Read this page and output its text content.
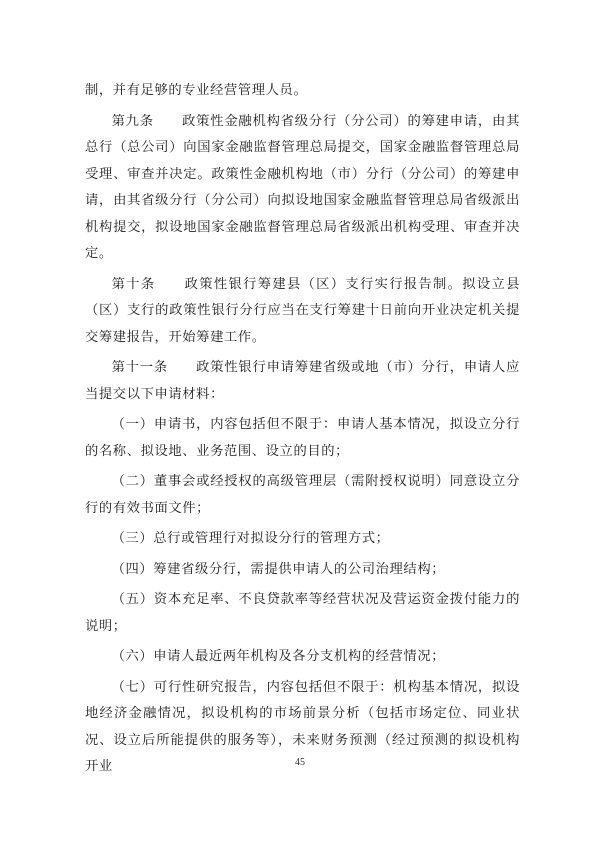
制，并有足够的专业经营管理人员。

第九条　　 政策性金融机构省级分行（分公司）的筹建申请，由其总行（总公司）向国家金融监督管理总局提交，国家金融监督管理总局受理、审查并决定。政策性金融机构地（市）分行（分公司）的筹建申请，由其省级分行（分公司）向拟设地国家金融监督管理总局省级派出机构提交，拟设地国家金融监督管理总局省级派出机构受理、审查并决定。

第十条　　 政策性银行筹建县（区）支行实行报告制。拟设立县（区）支行的政策性银行分行应当在支行筹建十日前向开业决定机关提交筹建报告，开始筹建工作。

第十一条　　 政策性银行申请筹建省级或地（市）分行，申请人应当提交以下申请材料：

（一）申请书，内容包括但不限于：申请人基本情况，拟设立分行的名称、拟设地、业务范围、设立的目的；

（二）董事会或经授权的高级管理层（需附授权说明）同意设立分行的有效书面文件；

（三）总行或管理行对拟设分行的管理方式；

（四）筹建省级分行，需提供申请人的公司治理结构；

（五）资本充足率、不良贷款率等经营状况及营运资金拨付能力的说明；

（六）申请人最近两年机构及各分支机构的经营情况；

（七）可行性研究报告，内容包括但不限于：机构基本情况，拟设地经济金融情况，拟设机构的市场前景分析（包括市场定位、同业状况、设立后所能提供的服务等），未来财务预测（经过预测的拟设机构开业	45
